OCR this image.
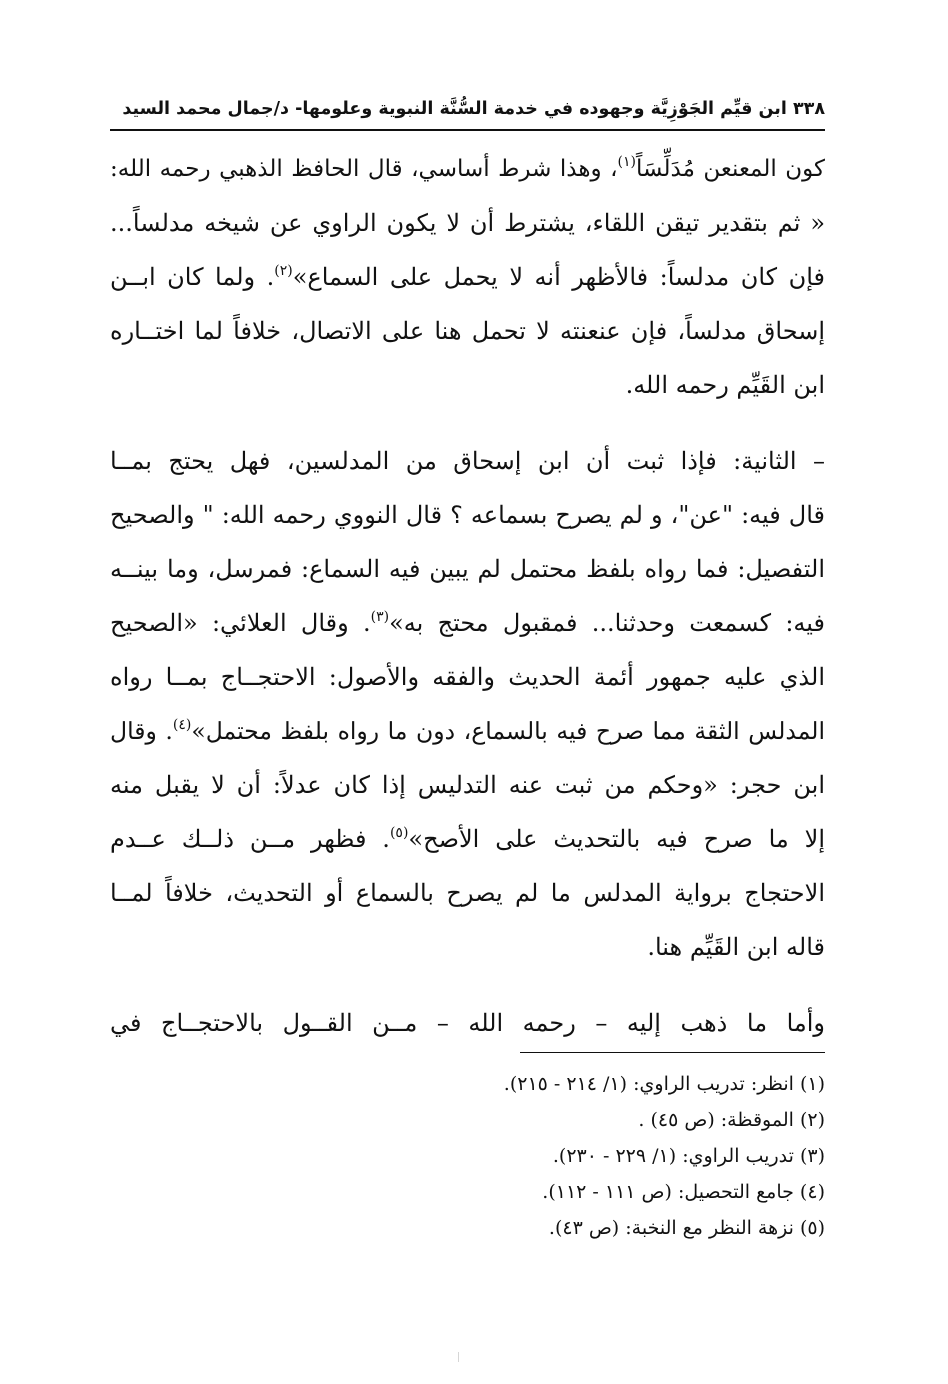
٣٣٨ ابن قيِّم الجَوْزِيَّة وجهوده في خدمة السُّنَّة النبوية وعلومها- د/جمال محمد السيد
كون المعنعن مُدَلِّسَاً$^{(١)}$، وهذا شرط أساسي، قال الحافظ الذهبي رحمه الله:
« ثم بتقدير تيقن اللقاء، يشترط أن لا يكون الراوي عن شيخه مدلساً...
فإن كان مدلساً: فالأظهر أنه لا يحمل على السماع»$^{(٢)}$. ولما كان ابــن
إسحاق مدلساً، فإن عنعنته لا تحمل هنا على الاتصال، خلافاً لما اختــاره
ابن القَيِّم رحمه الله.
– الثانية: فإذا ثبت أن ابن إسحاق من المدلسين، فهل يحتج بمــا
قال فيه: "عن"، و لم يصرح بسماعه ؟ قال النووي رحمه الله: " والصحيح
التفصيل: فما رواه بلفظ محتمل لم يبين فيه السماع: فمرسل، وما بينــه
فيه: كسمعت وحدثنا... فمقبول محتج به»$^{(٣)}$. وقال العلائي: «الصحيح
الذي عليه جمهور أئمة الحديث والفقه والأصول: الاحتجــاج بمــا رواه
المدلس الثقة مما صرح فيه بالسماع، دون ما رواه بلفظ محتمل»$^{(٤)}$. وقال
ابن حجر: «وحكم من ثبت عنه التدليس إذا كان عدلاً: أن لا يقبل منه
إلا ما صرح فيه بالتحديث على الأصح»$^{(٥)}$. فظهر مــن ذلــك عــدم
الاحتجاج برواية المدلس ما لم يصرح بالسماع أو التحديث، خلافاً لمــا
قاله ابن القَيِّم هنا.
وأما ما ذهب إليه – رحمه الله – مــن القــول بالاحتجــاج في
(١) انظر: تدريب الراوي: (١/ ٢١٤ - ٢١٥).
(٢) الموقظة: (ص ٤٥) .
(٣) تدريب الراوي: (١/ ٢٢٩ - ٢٣٠).
(٤) جامع التحصيل: (ص ١١١ - ١١٢).
(٥) نزهة النظر مع النخبة: (ص ٤٣).
